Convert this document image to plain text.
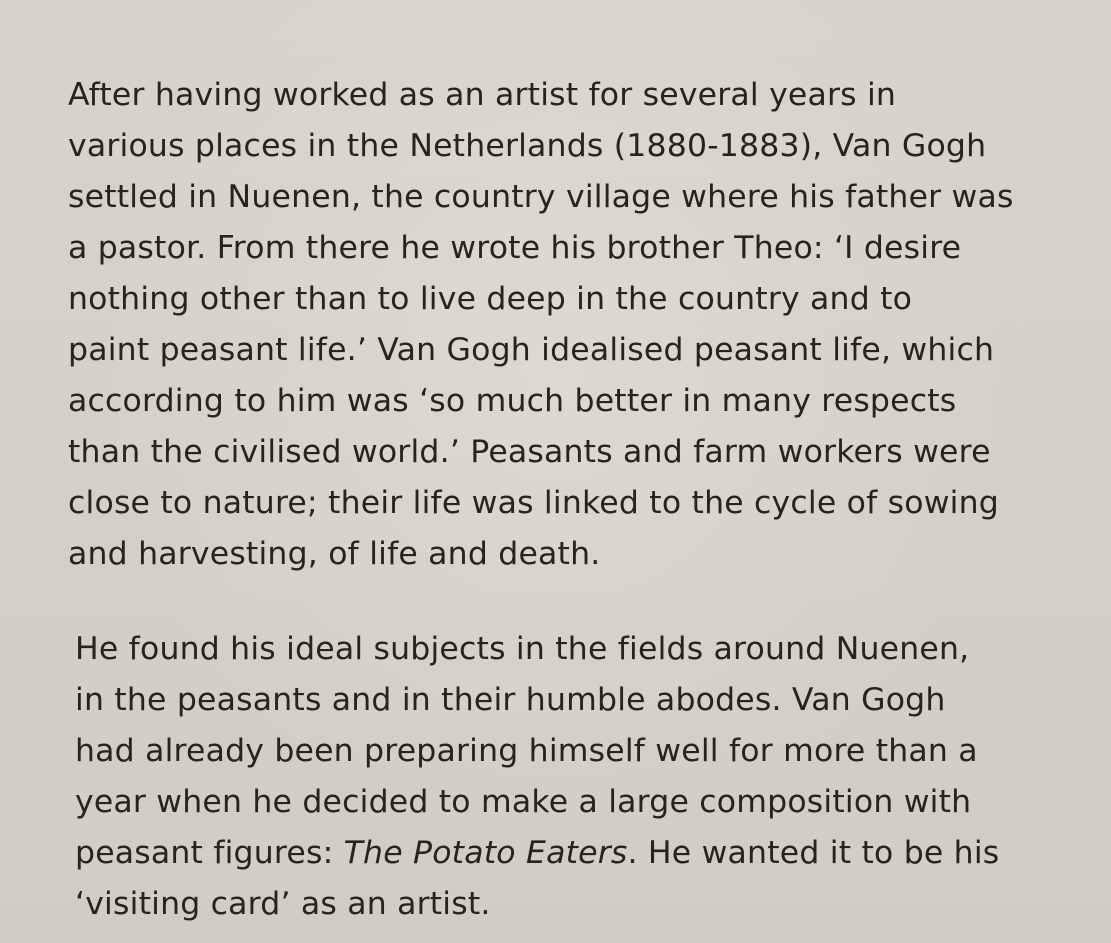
After having worked as an artist for several years in
various places in the Netherlands (1880-1883), Van Gogh
settled in Nuenen, the country village where his father was
a pastor. From there he wrote his brother Theo: ‘I desire
nothing other than to live deep in the country and to
paint peasant life.’ Van Gogh idealised peasant life, which
according to him was ‘so much better in many respects
than the civilised world.’ Peasants and farm workers were
close to nature; their life was linked to the cycle of sowing
and harvesting, of life and death.

He found his ideal subjects in the fields around Nuenen,
in the peasants and in their humble abodes. Van Gogh
had already been preparing himself well for more than a
year when he decided to make a large composition with
peasant figures: The Potato Eaters. He wanted it to be his
‘visiting card’ as an artist.
